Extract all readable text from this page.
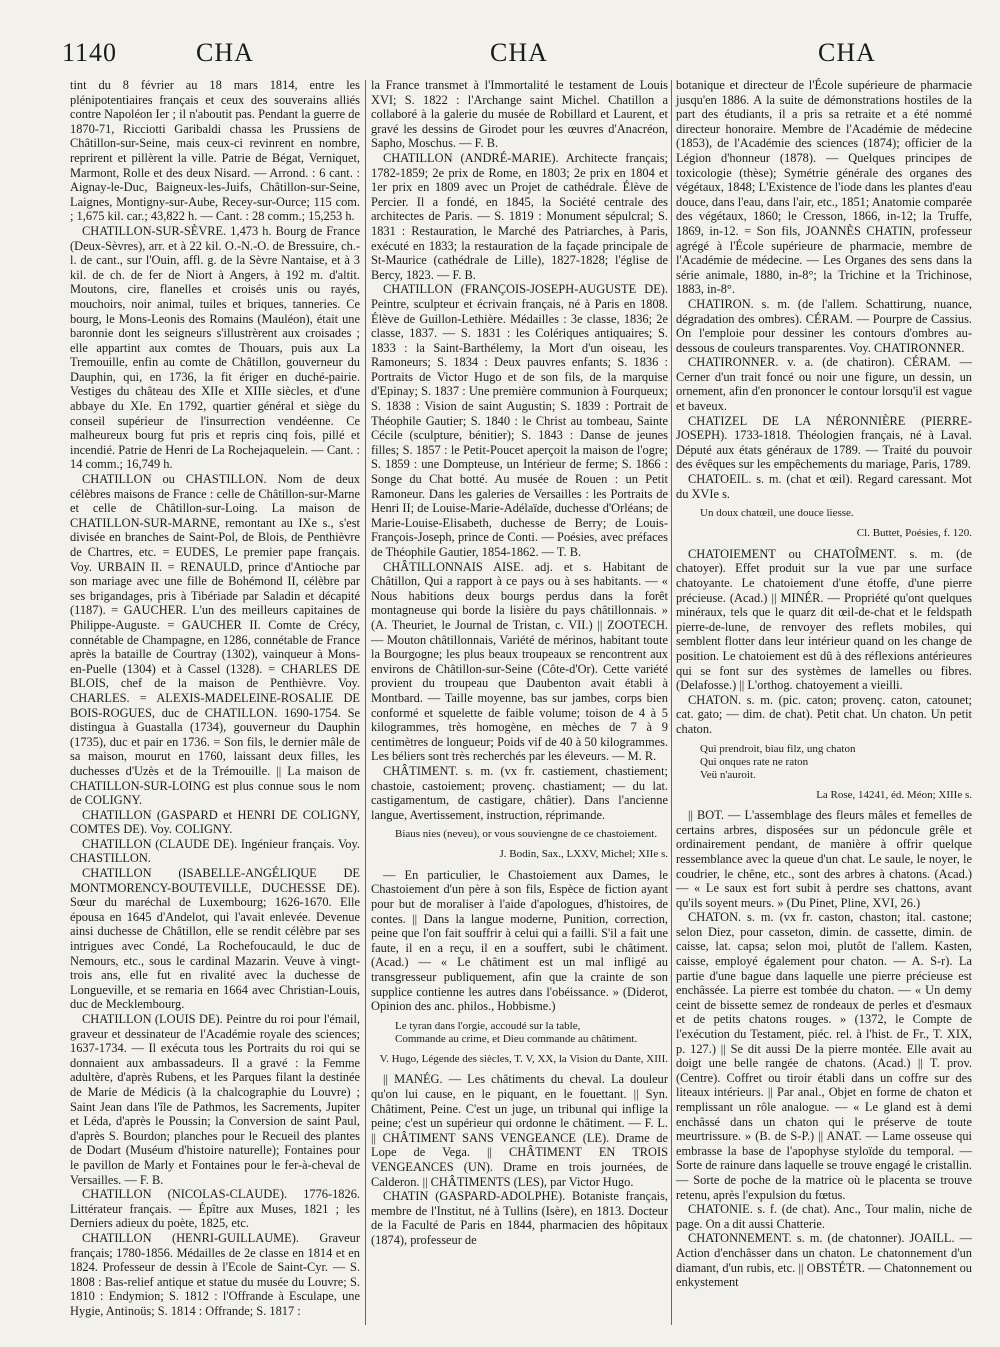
1140	CHA	CHA	CHA

tint du 8 février au 18 mars 1814, entre les plénipotentiaires français et ceux des souverains alliés contre Napoléon Ier ; il n'aboutit pas. Pendant la guerre de 1870-71, Ricciotti Garibaldi chassa les Prussiens de Châtillon-sur-Seine, mais ceux-ci revinrent en nombre, reprirent et pillèrent la ville. Patrie de Bégat, Verniquet, Marmont, Rolle et des deux Nisard. — Arrond. : 6 cant. : Aignay-le-Duc, Baigneux-les-Juifs, Châtillon-sur-Seine, Laignes, Montigny-sur-Aube, Recey-sur-Ource; 115 com. ; 1,675 kil. car.; 43,822 h. — Cant. : 28 comm.; 15,253 h.

CHATILLON-SUR-SÈVRE. 1,473 h. Bourg de France (Deux-Sèvres), arr. et à 22 kil. O.-N.-O. de Bressuire, ch.-l. de cant., sur l'Ouin, affl. g. de la Sèvre Nantaise, et à 3 kil. de ch. de fer de Niort à Angers, à 192 m. d'altit. Moutons, cire, flanelles et croisés unis ou rayés, mouchoirs, noir animal, tuiles et briques, tanneries. Ce bourg, le Mons-Leonis des Romains (Mauléon), était une baronnie dont les seigneurs s'illustrèrent aux croisades ; elle appartint aux comtes de Thouars, puis aux La Tremouille, enfin au comte de Châtillon, gouverneur du Dauphin, qui, en 1736, la fit ériger en duché-pairie. Vestiges du château des XIIe et XIIIe siècles, et d'une abbaye du XIe. En 1792, quartier général et siège du conseil supérieur de l'insurrection vendéenne. Ce malheureux bourg fut pris et repris cinq fois, pillé et incendié. Patrie de Henri de La Rochejaquelein. — Cant. : 14 comm.; 16,749 h.

CHATILLON ou CHASTILLON. Nom de deux célèbres maisons de France : celle de Châtillon-sur-Marne et celle de Châtillon-sur-Loing. La maison de CHATILLON-SUR-MARNE, remontant au IXe s., s'est divisée en branches de Saint-Pol, de Blois, de Penthièvre de Chartres, etc. = EUDES, Le premier pape français. Voy. URBAIN II. = RENAULD, prince d'Antioche par son mariage avec une fille de Bohémond II, célèbre par ses brigandages, pris à Tibériade par Saladin et décapité (1187). = GAUCHER. L'un des meilleurs capitaines de Philippe-Auguste. = GAUCHER II. Comte de Crécy, connétable de Champagne, en 1286, connétable de France après la bataille de Courtray (1302), vainqueur à Mons-en-Puelle (1304) et à Cassel (1328). = CHARLES DE BLOIS, chef de la maison de Penthièvre. Voy. CHARLES. = ALEXIS-MADELEINE-ROSALIE DE BOIS-ROGUES, duc de CHATILLON. 1690-1754. Se distingua à Guastalla (1734), gouverneur du Dauphin (1735), duc et pair en 1736. = Son fils, le dernier mâle de sa maison, mourut en 1760, laissant deux filles, les duchesses d'Uzès et de la Trémouille. || La maison de CHATILLON-SUR-LOING est plus connue sous le nom de COLIGNY.

CHATILLON (GASPARD et HENRI DE COLIGNY, COMTES DE). Voy. COLIGNY.

CHATILLON (CLAUDE DE). Ingénieur français. Voy. CHASTILLON.

CHATILLON (ISABELLE-ANGÉLIQUE DE MONTMORENCY-BOUTEVILLE, DUCHESSE DE). Sœur du maréchal de Luxembourg; 1626-1670. Elle épousa en 1645 d'Andelot, qui l'avait enlevée. Devenue ainsi duchesse de Châtillon, elle se rendit célèbre par ses intrigues avec Condé, La Rochefoucauld, le duc de Nemours, etc., sous le cardinal Mazarin. Veuve à vingt-trois ans, elle fut en rivalité avec la duchesse de Longueville, et se remaria en 1664 avec Christian-Louis, duc de Mecklembourg.

CHATILLON (LOUIS DE). Peintre du roi pour l'émail, graveur et dessinateur de l'Académie royale des sciences; 1637-1734. — Il exécuta tous les Portraits du roi qui se donnaient aux ambassadeurs. Il a gravé : la Femme adultère, d'après Rubens, et les Parques filant la destinée de Marie de Médicis (à la chalcographie du Louvre) ; Saint Jean dans l'île de Pathmos, les Sacrements, Jupiter et Léda, d'après le Poussin; la Conversion de saint Paul, d'après S. Bourdon; planches pour le Recueil des plantes de Dodart (Muséum d'histoire naturelle); Fontaines pour le pavillon de Marly et Fontaines pour le fer-à-cheval de Versailles. — F. B.

CHATILLON (NICOLAS-CLAUDE). 1776-1826. Littérateur français. — Épître aux Muses, 1821 ; les Derniers adieux du poète, 1825, etc.

CHATILLON (HENRI-GUILLAUME). Graveur français; 1780-1856. Médailles de 2e classe en 1814 et en 1824. Professeur de dessin à l'Ecole de Saint-Cyr. — S. 1808 : Bas-relief antique et statue du musée du Louvre; S. 1810 : Endymion; S. 1812 : l'Offrande à Esculape, une Hygie, Antinoüs; S. 1814 : Offrande; S. 1817 :

la France transmet à l'Immortalité le testament de Louis XVI; S. 1822 : l'Archange saint Michel. Chatillon a collaboré à la galerie du musée de Robillard et Laurent, et gravé les dessins de Girodet pour les œuvres d'Anacréon, Sapho, Moschus. — F. B.

CHATILLON (ANDRÉ-MARIE). Architecte français; 1782-1859; 2e prix de Rome, en 1803; 2e prix en 1804 et 1er prix en 1809 avec un Projet de cathédrale. Élève de Percier. Il a fondé, en 1845, la Société centrale des architectes de Paris. — S. 1819 : Monument sépulcral; S. 1831 : Restauration, le Marché des Patriarches, à Paris, exécuté en 1833; la restauration de la façade principale de St-Maurice (cathédrale de Lille), 1827-1828; l'église de Bercy, 1823. — F. B.

CHATILLON (FRANÇOIS-JOSEPH-AUGUSTE DE). Peintre, sculpteur et écrivain français, né à Paris en 1808. Élève de Guillon-Lethière. Médailles : 3e classe, 1836; 2e classe, 1837. — S. 1831 : les Colériques antiquaires; S. 1833 : la Saint-Barthélemy, la Mort d'un oiseau, les Ramoneurs; S. 1834 : Deux pauvres enfants; S. 1836 : Portraits de Victor Hugo et de son fils, de la marquise d'Epinay; S. 1837 : Une première communion à Fourqueux; S. 1838 : Vision de saint Augustin; S. 1839 : Portrait de Théophile Gautier; S. 1840 : le Christ au tombeau, Sainte Cécile (sculpture, bénitier); S. 1843 : Danse de jeunes filles; S. 1857 : le Petit-Poucet aperçoit la maison de l'ogre; S. 1859 : une Dompteuse, un Intérieur de ferme; S. 1866 : Songe du Chat botté. Au musée de Rouen : un Petit Ramoneur. Dans les galeries de Versailles : les Portraits de Henri II; de Louise-Marie-Adélaïde, duchesse d'Orléans; de Marie-Louise-Elisabeth, duchesse de Berry; de Louis-François-Joseph, prince de Conti. — Poésies, avec préfaces de Théophile Gautier, 1854-1862. — T. B.

CHÂTILLONNAIS AISE. adj. et s. Habitant de Châtillon, Qui a rapport à ce pays ou à ses habitants. — « Nous habitions deux bourgs perdus dans la forêt montagneuse qui borde la lisière du pays châtillonnais. » (A. Theuriet, le Journal de Tristan, c. VII.) || ZOOTECH. — Mouton châtillonnais, Variété de mérinos, habitant toute la Bourgogne; les plus beaux troupeaux se rencontrent aux environs de Châtillon-sur-Seine (Côte-d'Or). Cette variété provient du troupeau que Daubenton avait établi à Montbard. — Taille moyenne, bas sur jambes, corps bien conformé et squelette de faible volume; toison de 4 à 5 kilogrammes, très homogène, en mèches de 7 à 9 centimètres de longueur; Poids vif de 40 à 50 kilogrammes. Les béliers sont très recherchés par les éleveurs. — M. R.

CHÂTIMENT. s. m. (vx fr. castiement, chastiement; chastoie, castoiement; provenç. chastiament; — du lat. castigamentum, de castigare, châtier). Dans l'ancienne langue, Avertissement, instruction, réprimande.

Biaus nies (neveu), or vous souviengne de ce chastoiement.

J. Bodin, Sax., LXXV, Michel; XIIe s.

— En particulier, le Chastoiement aux Dames, le Chastoiement d'un père à son fils, Espèce de fiction ayant pour but de moraliser à l'aide d'apologues, d'histoires, de contes. || Dans la langue moderne, Punition, correction, peine que l'on fait souffrir à celui qui a failli. S'il a fait une faute, il en a reçu, il en a souffert, subi le châtiment. (Acad.) — « Le châtiment est un mal infligé au transgresseur publiquement, afin que la crainte de son supplice contienne les autres dans l'obéissance. » (Diderot, Opinion des anc. philos., Hobbisme.)

Le tyran dans l'orgie, accoudé sur la table,

Commande au crime, et Dieu commande au châtiment.

V. Hugo, Légende des siècles, T. V, XX, la Vision du Dante, XIII.

|| MANÉG. — Les châtiments du cheval. La douleur qu'on lui cause, en le piquant, en le fouettant. || Syn. Châtiment, Peine. C'est un juge, un tribunal qui inflige la peine; c'est un supérieur qui ordonne le châtiment. — F. L. || CHÂTIMENT SANS VENGEANCE (LE). Drame de Lope de Vega. || CHÂTIMENT EN TROIS VENGEANCES (UN). Drame en trois journées, de Calderon. || CHÂTIMENTS (LES), par Victor Hugo.

CHATIN (GASPARD-ADOLPHE). Botaniste français, membre de l'Institut, né à Tullins (Isère), en 1813. Docteur de la Faculté de Paris en 1844, pharmacien des hôpitaux (1874), professeur de

botanique et directeur de l'École supérieure de pharmacie jusqu'en 1886. A la suite de démonstrations hostiles de la part des étudiants, il a pris sa retraite et a été nommé directeur honoraire. Membre de l'Académie de médecine (1853), de l'Académie des sciences (1874); officier de la Légion d'honneur (1878). — Quelques principes de toxicologie (thèse); Symétrie générale des organes des végétaux, 1848; L'Existence de l'iode dans les plantes d'eau douce, dans l'eau, dans l'air, etc., 1851; Anatomie comparée des végétaux, 1860; le Cresson, 1866, in-12; la Truffe, 1869, in-12. = Son fils, JOANNÈS CHATIN, professeur agrégé à l'École supérieure de pharmacie, membre de l'Académie de médecine. — Les Organes des sens dans la série animale, 1880, in-8°; la Trichine et la Trichinose, 1883, in-8°.

CHATIRON. s. m. (de l'allem. Schattirung, nuance, dégradation des ombres). CÉRAM. — Pourpre de Cassius. On l'emploie pour dessiner les contours d'ombres au-dessous de couleurs transparentes. Voy. CHATIRONNER.

CHATIRONNER. v. a. (de chatiron). CÉRAM. — Cerner d'un trait foncé ou noir une figure, un dessin, un ornement, afin d'en prononcer le contour lorsqu'il est vague et baveux.

CHATIZEL DE LA NÉRONNIÈRE (PIERRE-JOSEPH). 1733-1818. Théologien français, né à Laval. Député aux états généraux de 1789. — Traité du pouvoir des évêques sur les empêchements du mariage, Paris, 1789.

CHATOEIL. s. m. (chat et œil). Regard caressant. Mot du XVIe s.

Un doux chatœil, une douce liesse.

Cl. Buttet, Poésies, f. 120.

CHATOIEMENT ou CHATOÎMENT. s. m. (de chatoyer). Effet produit sur la vue par une surface chatoyante. Le chatoiement d'une étoffe, d'une pierre précieuse. (Acad.) || MINÉR. — Propriété qu'ont quelques minéraux, tels que le quarz dit œil-de-chat et le feldspath pierre-de-lune, de renvoyer des reflets mobiles, qui semblent flotter dans leur intérieur quand on les change de position. Le chatoiement est dû à des réflexions antérieures qui se font sur des systèmes de lamelles ou fibres. (Delafosse.) || L'orthog. chatoyement a vieilli.

CHATON. s. m. (pic. caton; provenç. caton, catounet; cat. gato; — dim. de chat). Petit chat. Un chaton. Un petit chaton.

Qui prendroit, biau filz, ung chaton

Qui onques rate ne raton

Veü n'auroit.

La Rose, 14241, éd. Méon; XIIIe s.

|| BOT. — L'assemblage des fleurs mâles et femelles de certains arbres, disposées sur un pédoncule grêle et ordinairement pendant, de manière à offrir quelque ressemblance avec la queue d'un chat. Le saule, le noyer, le coudrier, le chêne, etc., sont des arbres à chatons. (Acad.) — « Le saux est fort subit à perdre ses chattons, avant qu'ils soyent meurs. » (Du Pinet, Pline, XVI, 26.)

CHATON. s. m. (vx fr. caston, chaston; ital. castone; selon Diez, pour casseton, dimin. de cassette, dimin. de caisse, lat. capsa; selon moi, plutôt de l'allem. Kasten, caisse, employé également pour chaton. — A. S-r). La partie d'une bague dans laquelle une pierre précieuse est enchâssée. La pierre est tombée du chaton. — « Un demy ceint de bissette semez de rondeaux de perles et d'esmaux et de petits chatons rouges. » (1372, le Compte de l'exécution du Testament, piéc. rel. à l'hist. de Fr., T. XIX, p. 127.) || Se dit aussi De la pierre montée. Elle avait au doigt une belle rangée de chatons. (Acad.) || T. prov. (Centre). Coffret ou tiroir établi dans un coffre sur des liteaux intérieurs. || Par anal., Objet en forme de chaton et remplissant un rôle analogue. — « Le gland est à demi enchâssé dans un chaton qui le préserve de toute meurtrissure. » (B. de S-P.) || ANAT. — Lame osseuse qui embrasse la base de l'apophyse styloïde du temporal. — Sorte de rainure dans laquelle se trouve engagé le cristallin. — Sorte de poche de la matrice où le placenta se trouve retenu, après l'expulsion du fœtus.

CHATONIE. s. f. (de chat). Anc., Tour malin, niche de page. On a dit aussi Chatterie.

CHATONNEMENT. s. m. (de chatonner). JOAILL. — Action d'enchâsser dans un chaton. Le chatonnement d'un diamant, d'un rubis, etc. || OBSTÉTR. — Chatonnement ou enkystement
